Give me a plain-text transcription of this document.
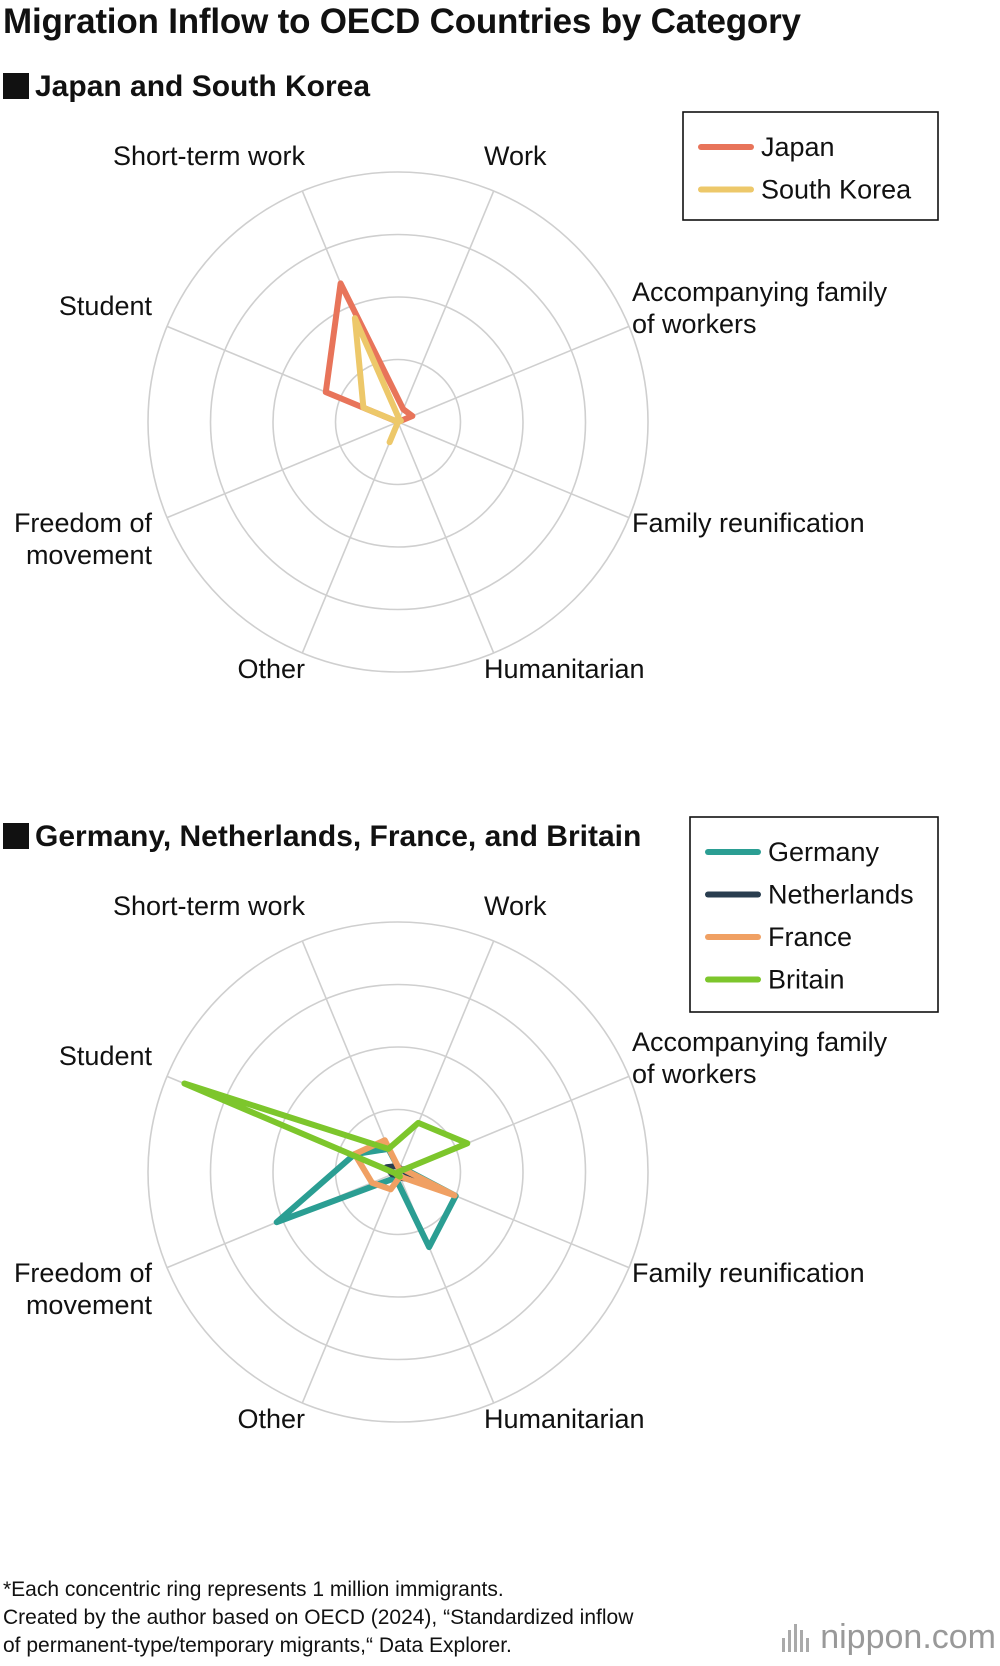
Migration Inflow to OECD Countries by Category
Japan and South Korea
Work
Accompanying family of workers
Family reunification
Humanitarian
Other
Freedom of movement
Student
Short-term work	Japan
South Korea
Germany, Netherlands, France, and Britain
Work
Accompanying family of workers
Family reunification
Humanitarian
Other
Freedom of movement
Student
Short-term work
Germany
Netherlands
France
Britain
*Each concentric ring represents 1 million immigrants.
Created by the author based on OECD (2024), “Standardized inflow
of permanent-type/temporary migrants,“ Data Explorer.	nippon.com
